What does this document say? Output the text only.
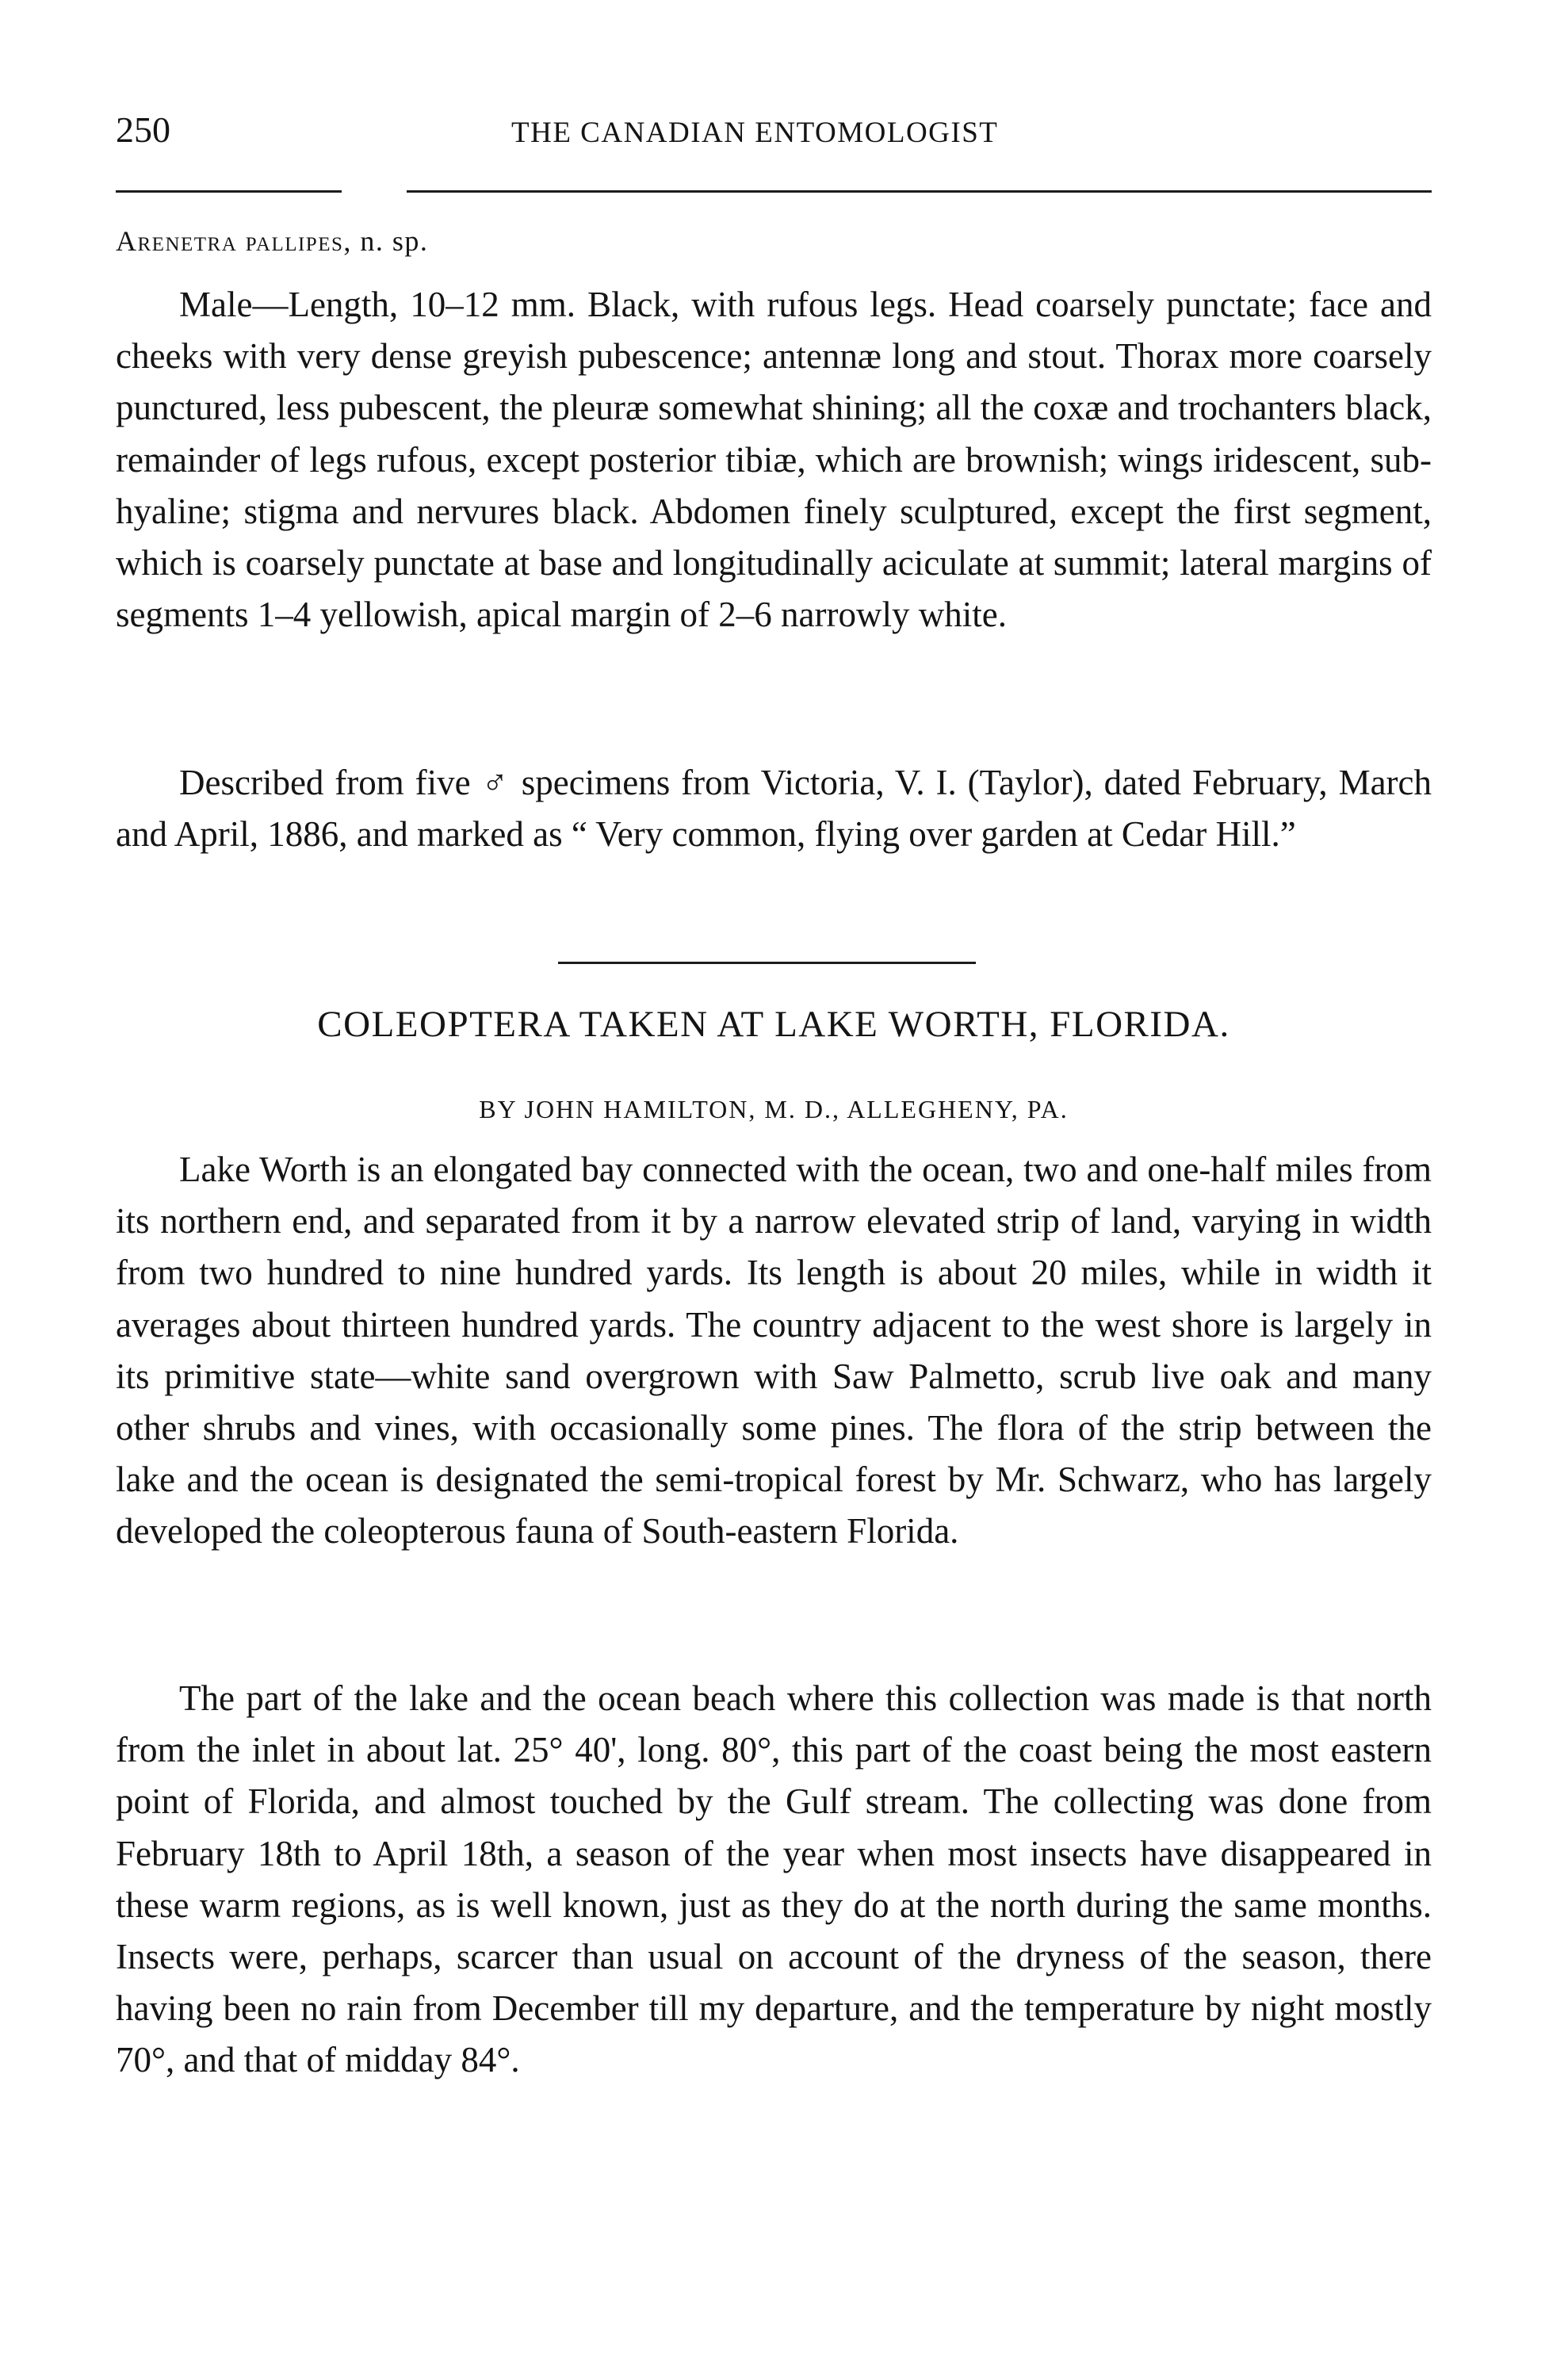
250	THE CANADIAN ENTOMOLOGIST
Arenetra pallipes, n. sp.

Male—Length, 10–12 mm. Black, with rufous legs. Head coarsely punctate; face and cheeks with very dense greyish pubescence; antennæ long and stout. Thorax more coarsely punctured, less pubescent, the pleuræ somewhat shining; all the coxæ and trochanters black, remainder of legs rufous, except posterior tibiæ, which are brownish; wings iridescent, sub-hyaline; stigma and nervures black. Abdomen finely sculptured, except the first segment, which is coarsely punctate at base and longitudinally aciculate at summit; lateral margins of segments 1–4 yellowish, apical margin of 2–6 narrowly white.

Described from five ♂ specimens from Victoria, V. I. (Taylor), dated February, March and April, 1886, and marked as “ Very common, flying over garden at Cedar Hill.”

COLEOPTERA TAKEN AT LAKE WORTH, FLORIDA.
BY JOHN HAMILTON, M. D., ALLEGHENY, PA.

Lake Worth is an elongated bay connected with the ocean, two and one-half miles from its northern end, and separated from it by a narrow elevated strip of land, varying in width from two hundred to nine hundred yards. Its length is about 20 miles, while in width it averages about thirteen hundred yards. The country adjacent to the west shore is largely in its primitive state—white sand overgrown with Saw Palmetto, scrub live oak and many other shrubs and vines, with occasionally some pines. The flora of the strip between the lake and the ocean is designated the semi-tropical forest by Mr. Schwarz, who has largely developed the coleopterous fauna of South-eastern Florida.

The part of the lake and the ocean beach where this collection was made is that north from the inlet in about lat. 25° 40', long. 80°, this part of the coast being the most eastern point of Florida, and almost touched by the Gulf stream. The collecting was done from February 18th to April 18th, a season of the year when most insects have disappeared in these warm regions, as is well known, just as they do at the north during the same months. Insects were, perhaps, scarcer than usual on account of the dryness of the season, there having been no rain from December till my departure, and the temperature by night mostly 70°, and that of midday 84°.
